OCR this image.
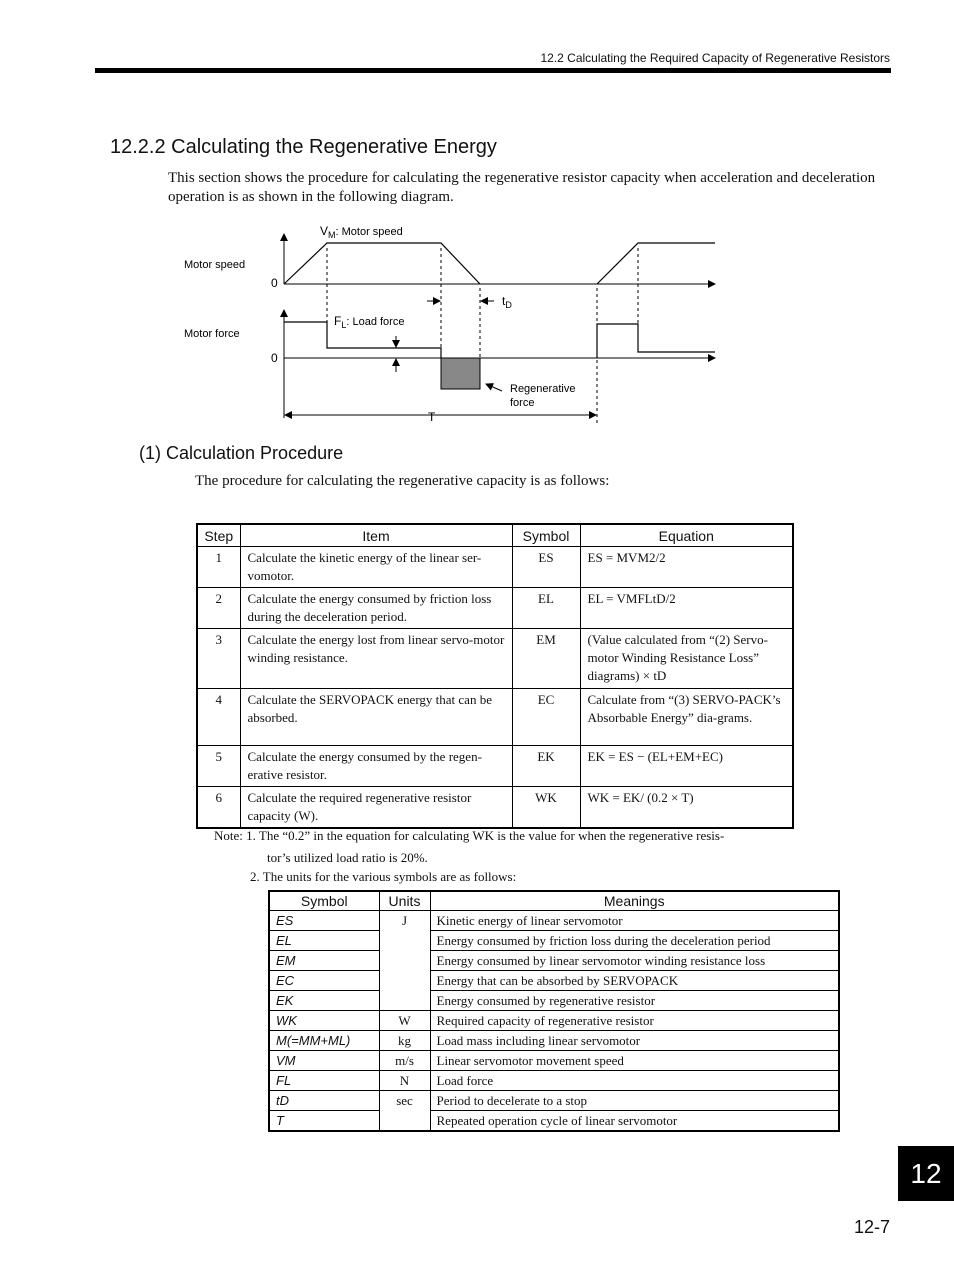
12.2 Calculating the Required Capacity of Regenerative Resistors
12.2.2 Calculating the Regenerative Energy

This section shows the procedure for calculating the regenerative resistor capacity when acceleration and deceleration operation is as shown in the following diagram.

$V_M$: Motor speed
Motor speed
0
Motor force
0
$F_L$: Load force
$t_D$
Regenerative
force
T
(1) Calculation Procedure

The procedure for calculating the regenerative capacity is as follows:

Step	Item	Symbol	Equation
1	Calculate the kinetic energy of the linear ser-vomotor.	ES	ES = MVM2/2
2	Calculate the energy consumed by friction loss during the deceleration period.	EL	EL = VMFLtD/2
3	Calculate the energy lost from linear servo-motor winding resistance.	EM	(Value calculated from “(2) Servo-motor Winding Resistance Loss” diagrams) × tD
4	Calculate the SERVOPACK energy that can be absorbed.	EC	Calculate from “(3) SERVO-PACK’s Absorbable Energy” dia-grams.
5	Calculate the energy consumed by the regen-erative resistor.	EK	EK = ES − (EL+EM+EC)
6	Calculate the required regenerative resistor capacity (W).	WK	WK = EK/ (0.2 × T)
Note: 1. The “0.2” in the equation for calculating WK is the value for when the regenerative resis-
tor’s utilized load ratio is 20%.
2. The units for the various symbols are as follows:
Symbol	Units	Meanings
ES	J	Kinetic energy of linear servomotor
EL		Energy consumed by friction loss during the deceleration period
EM		Energy consumed by linear servomotor winding resistance loss
EC		Energy that can be absorbed by SERVOPACK
EK		Energy consumed by regenerative resistor
WK	W	Required capacity of regenerative resistor
M(=MM+ML)	kg	Load mass including linear servomotor
VM	m/s	Linear servomotor movement speed
FL	N	Load force
tD	sec	Period to decelerate to a stop
T		Repeated operation cycle of linear servomotor
12
12-7
